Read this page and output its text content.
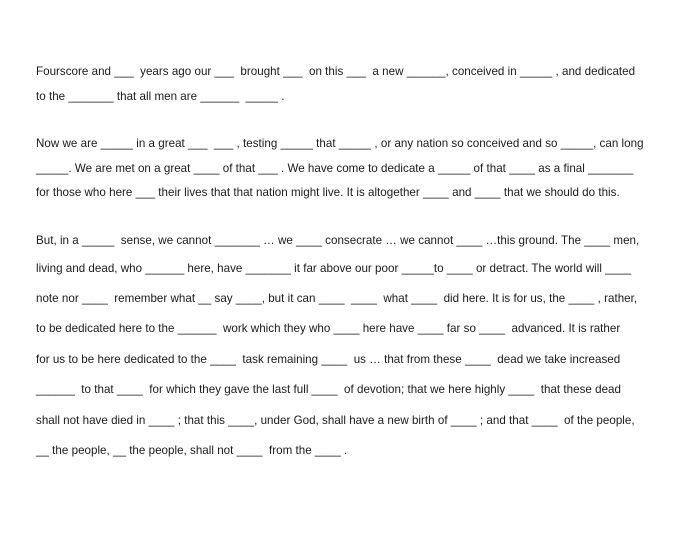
Fourscore and ___  years ago our ___  brought ___  on this ___  a new ______, conceived in _____ , and dedicated
to the _______ that all men are ______  _____ .
Now we are _____ in a great ___  ___ , testing _____ that _____ , or any nation so conceived and so _____, can long
_____. We are met on a great ____ of that ___ . We have come to dedicate a _____ of that ____ as a final _______
for those who here ___ their lives that that nation might live. It is altogether ____ and ____ that we should do this.
But, in a _____  sense, we cannot _______ … we ____ consecrate … we cannot ____ …this ground. The ____ men,
living and dead, who ______ here, have _______ it far above our poor _____to ____ or detract. The world will ____
note nor ____  remember what __ say ____, but it can ____  ____  what ____  did here. It is for us, the ____ , rather,
to be dedicated here to the ______  work which they who ____ here have ____ far so ____  advanced. It is rather
for us to be here dedicated to the ____  task remaining ____  us … that from these ____  dead we take increased
______  to that ____  for which they gave the last full ____  of devotion; that we here highly ____  that these dead
shall not have died in ____ ; that this ____, under God, shall have a new birth of ____ ; and that ____  of the people,
__ the people, __ the people, shall not ____  from the ____ .
